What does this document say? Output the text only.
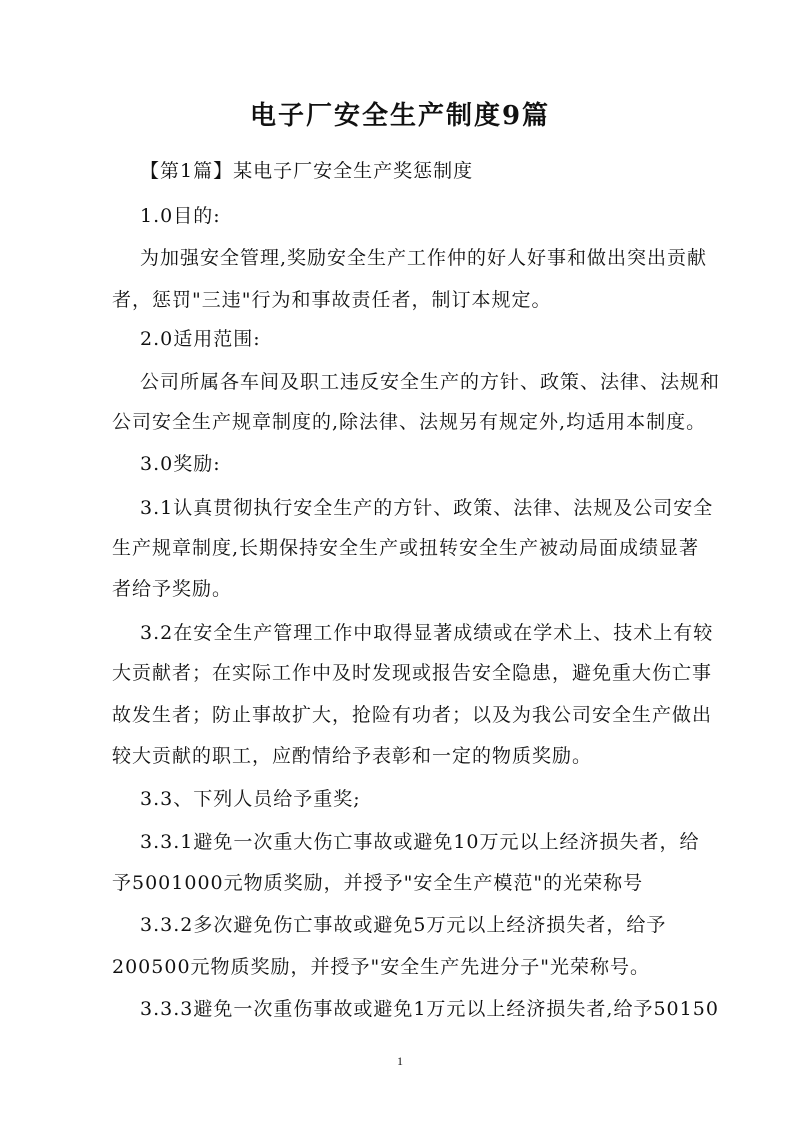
电子厂安全生产制度9篇
【第1篇】某电子厂安全生产奖惩制度
1.0目的:
为加强安全管理,奖励安全生产工作仲的好人好事和做出突出贡献
者，惩罚"三违"行为和事故责任者，制订本规定。
2.0适用范围:
公司所属各车间及职工违反安全生产的方针、政策、法律、法规和
公司安全生产规章制度的,除法律、法规另有规定外,均适用本制度。
3.0奖励:
3.1认真贯彻执行安全生产的方针、政策、法律、法规及公司安全
生产规章制度,长期保持安全生产或扭转安全生产被动局面成绩显著
者给予奖励。
3.2在安全生产管理工作中取得显著成绩或在学术上、技术上有较
大贡献者；在实际工作中及时发现或报告安全隐患，避免重大伤亡事
故发生者；防止事故扩大，抢险有功者；以及为我公司安全生产做出
较大贡献的职工，应酌情给予表彰和一定的物质奖励。
3.3、下列人员给予重奖;
3.3.1避免一次重大伤亡事故或避免10万元以上经济损失者，给
予5001000元物质奖励，并授予"安全生产模范"的光荣称号
3.3.2多次避免伤亡事故或避免5万元以上经济损失者，给予
200500元物质奖励，并授予"安全生产先进分子"光荣称号。
3.3.3避免一次重伤事故或避免1万元以上经济损失者,给予50150
1
